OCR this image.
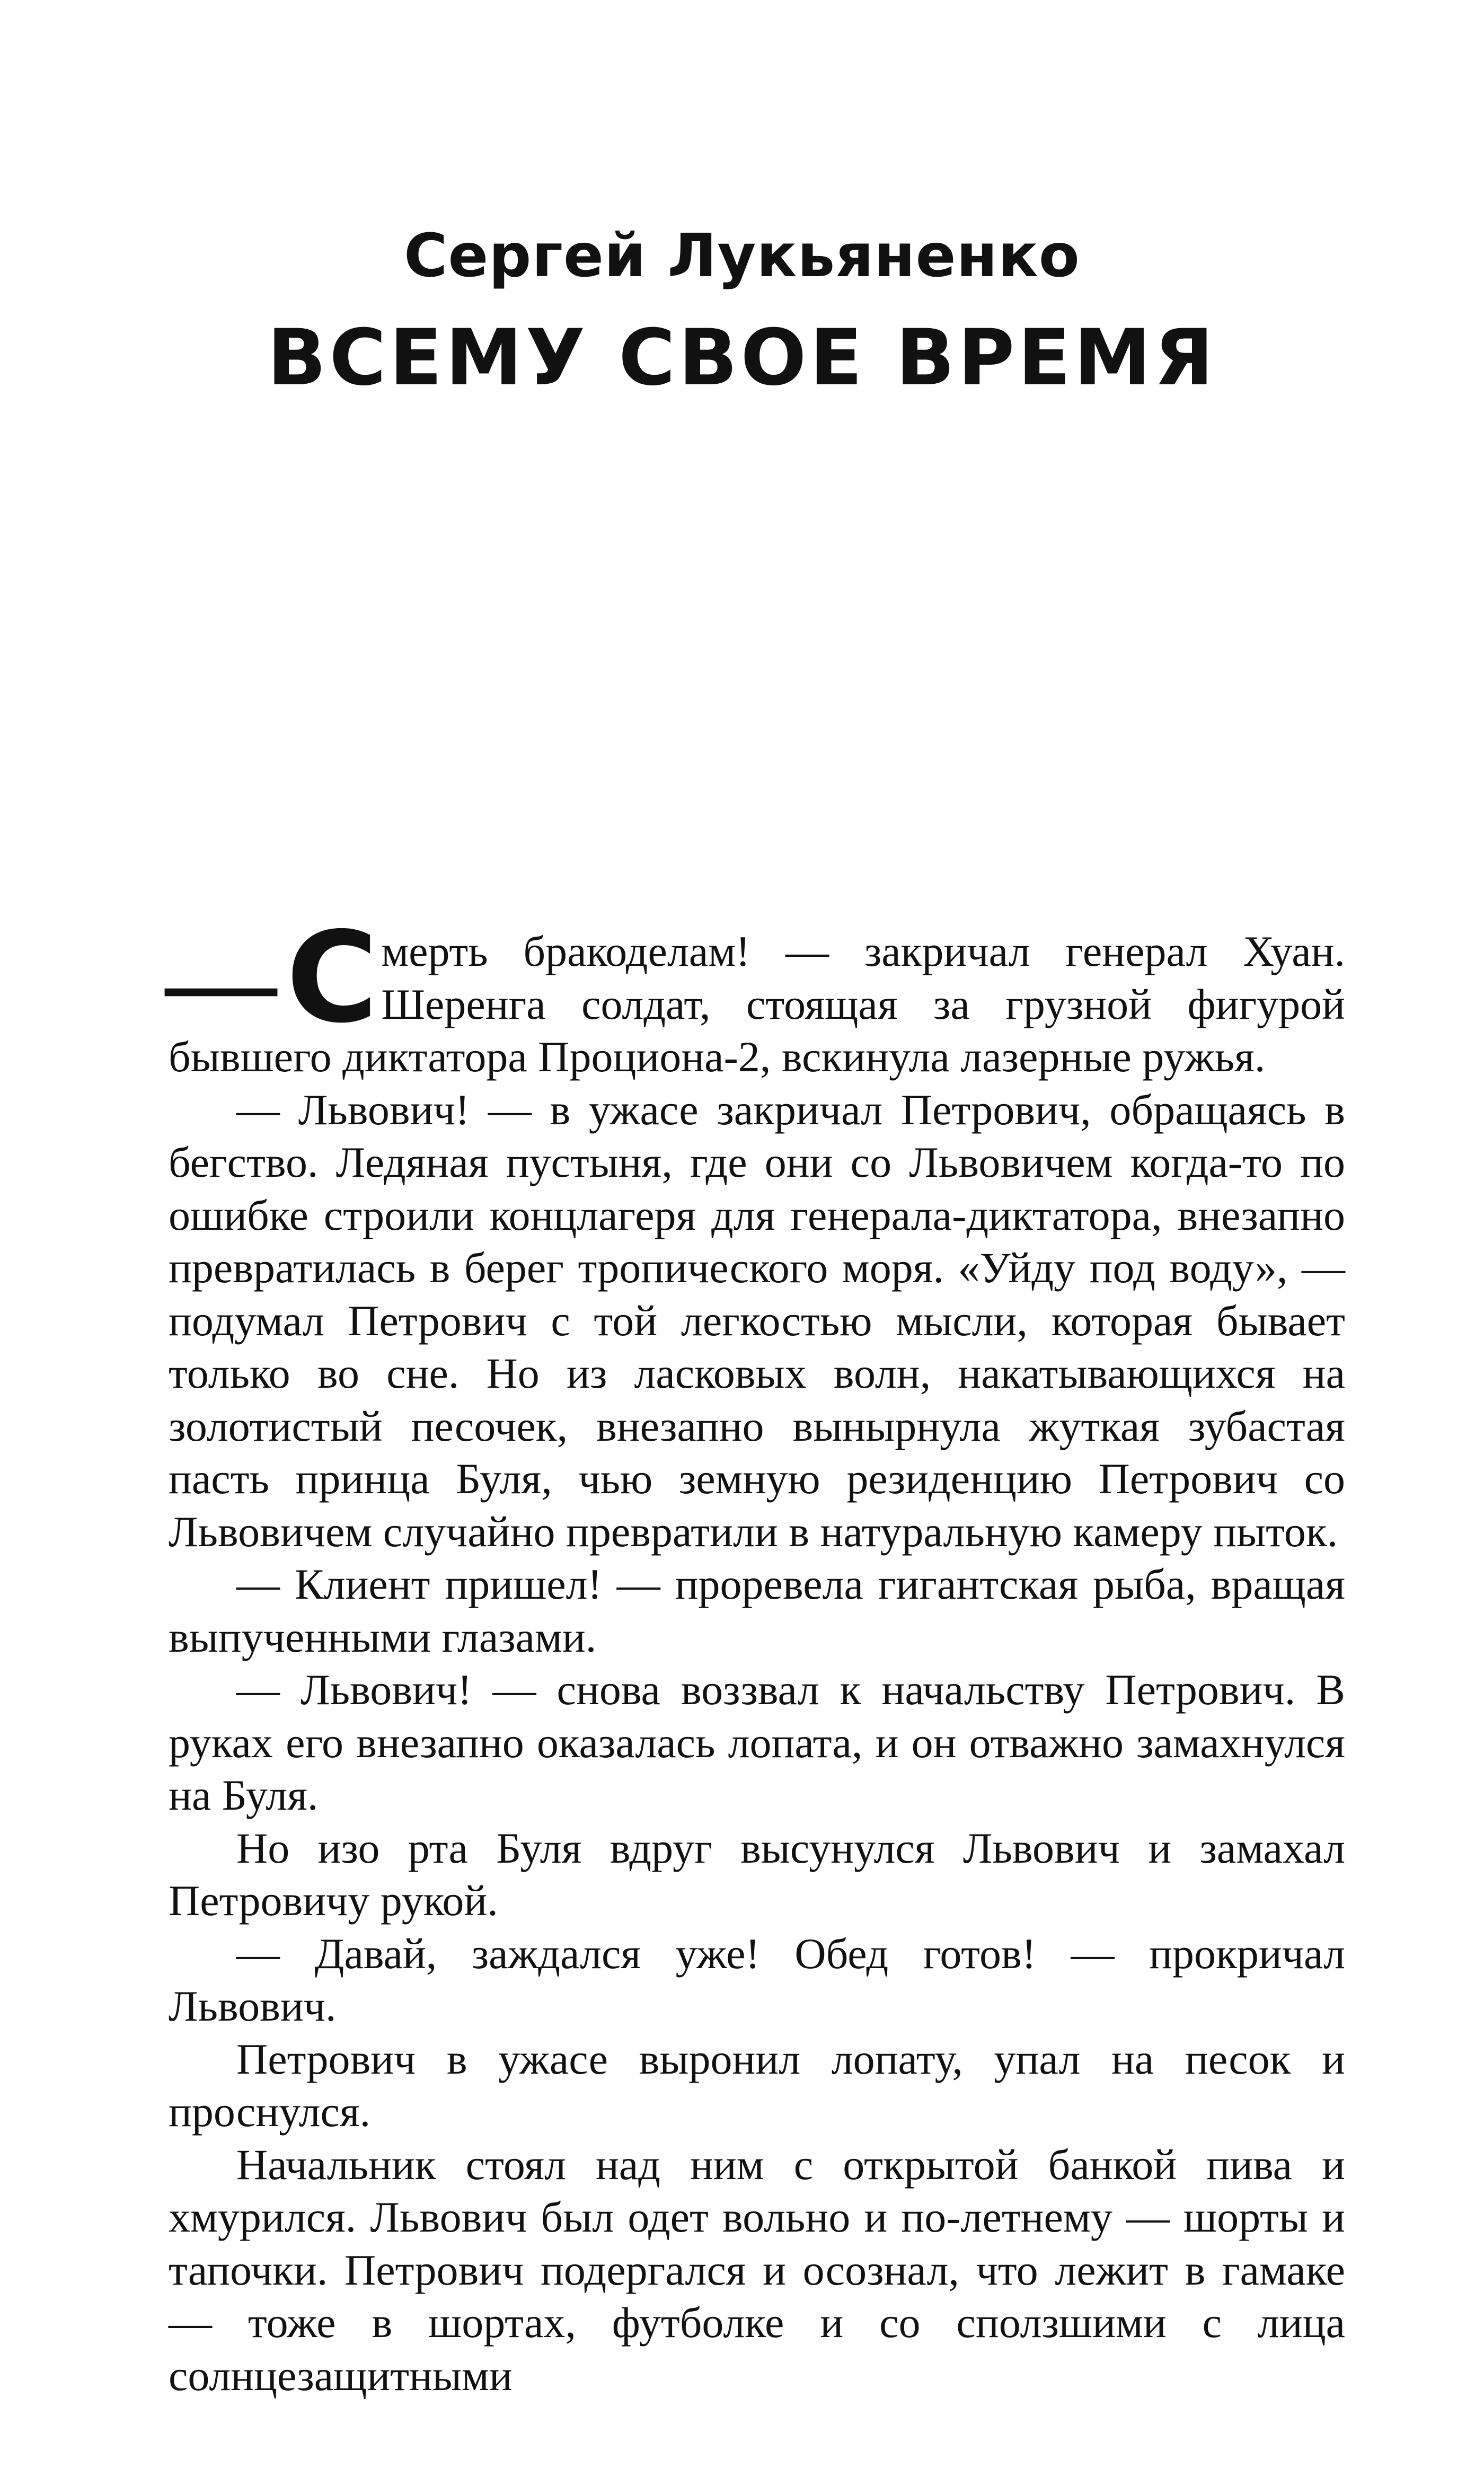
Сергей Лукьяненко
ВСЕМУ СВОЕ ВРЕМЯ

— С мерть бракоделам! — закричал генерал Хуан. Шеренга солдат, стоящая за грузной фигурой бывшего диктатора Проциона-2, вскинула лазерные ружья.

— Львович! — в ужасе закричал Петрович, обращаясь в бегство. Ледяная пустыня, где они со Львовичем когда-то по ошибке строили концлагеря для генерала-диктатора, внезапно превратилась в берег тропического моря. «Уйду под воду», — подумал Петрович с той легкостью мысли, которая бывает только во сне. Но из ласковых волн, накатывающихся на золотистый песочек, внезапно вынырнула жуткая зубастая пасть принца Буля, чью земную резиденцию Петрович со Львовичем случайно превратили в натуральную камеру пыток.

— Клиент пришел! — проревела гигантская рыба, вращая выпученными глазами.

— Львович! — снова воззвал к начальству Петрович. В руках его внезапно оказалась лопата, и он отважно замахнулся на Буля.

Но изо рта Буля вдруг высунулся Львович и замахал Петровичу рукой.

— Давай, заждался уже! Обед готов! — прокричал Львович.

Петрович в ужасе выронил лопату, упал на песок и проснулся.

Начальник стоял над ним с открытой банкой пива и хмурился. Львович был одет вольно и по-летнему — шорты и тапочки. Петрович подергался и осознал, что лежит в гамаке — тоже в шортах, футболке и со сползшими с лица солнцезащитными
